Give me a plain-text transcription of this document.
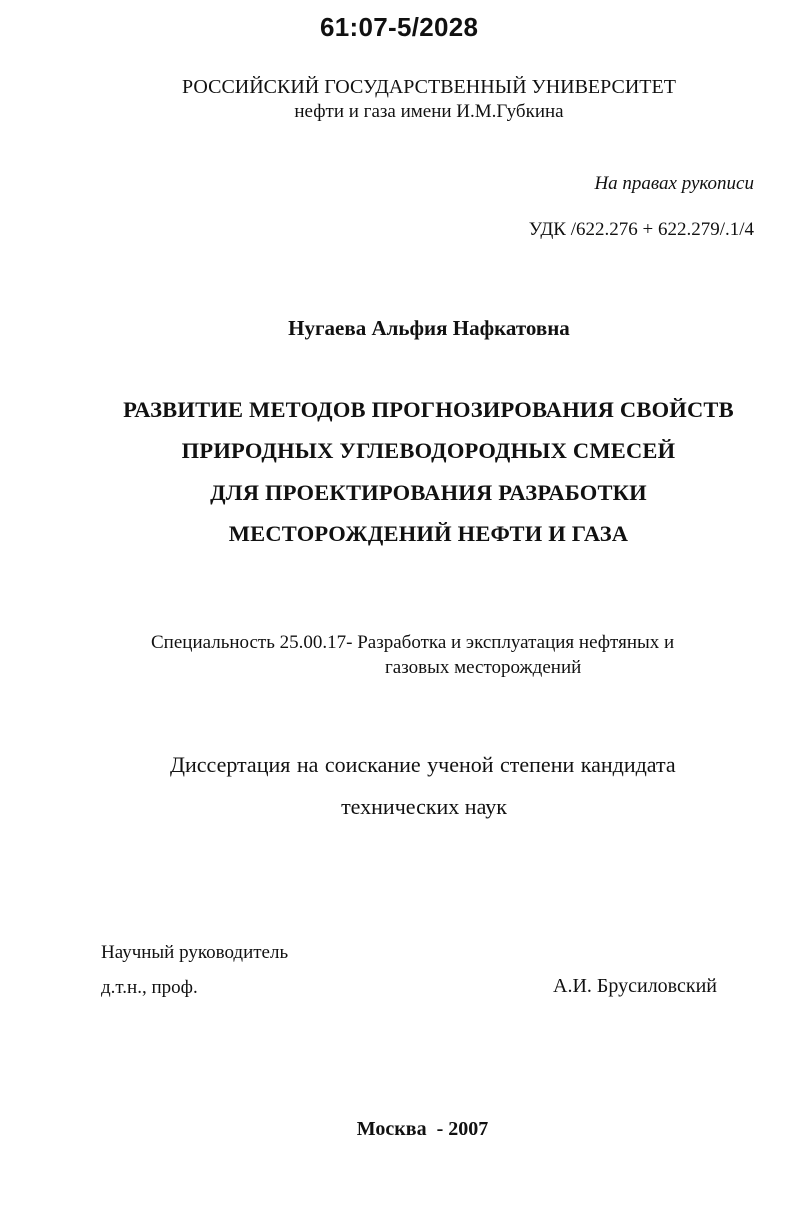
61:07-5/2028
РОССИЙСКИЙ ГОСУДАРСТВЕННЫЙ УНИВЕРСИТЕТ
нефти и газа имени И.М.Губкина
На правах рукописи
УДК /622.276 + 622.279/.1/4
Нугаева Альфия Нафкатовна
РАЗВИТИЕ МЕТОДОВ ПРОГНОЗИРОВАНИЯ СВОЙСТВ
ПРИРОДНЫХ УГЛЕВОДОРОДНЫХ СМЕСЕЙ
ДЛЯ ПРОЕКТИРОВАНИЯ РАЗРАБОТКИ
МЕСТОРОЖДЕНИЙ НЕФТИ И ГАЗА
Специальность 25.00.17- Разработка и эксплуатация нефтяных и
газовых месторождений
Диссертация на соискание ученой степени кандидата
технических наук
Научный руководитель
д.т.н., проф.	А.И. Брусиловский
Москва  - 2007
